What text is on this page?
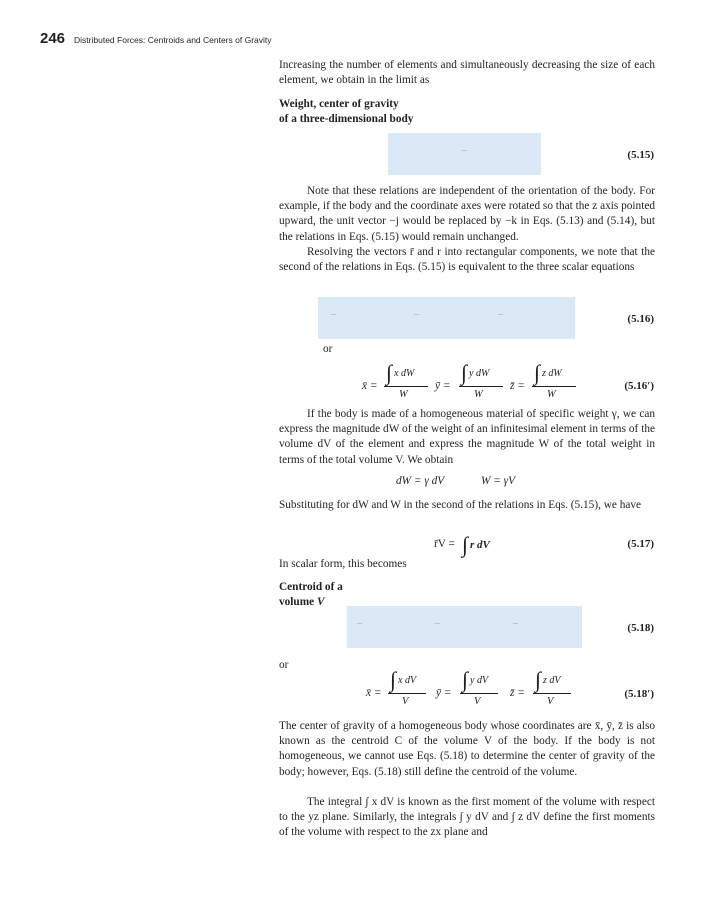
246 Distributed Forces: Centroids and Centers of Gravity

Increasing the number of elements and simultaneously decreasing the size of each element, we obtain in the limit as

Weight, center of gravity
of a three-dimensional body
–	(5.15)

Note that these relations are independent of the orientation of the body. For example, if the body and the coordinate axes were rotated so that the z axis pointed upward, the unit vector −j would be replaced by −k in Eqs. (5.13) and (5.14), but the relations in Eqs. (5.15) would remain unchanged.

Resolving the vectors r̄ and r into rectangular components, we note that the second of the relations in Eqs. (5.15) is equivalent to the three scalar equations

–	–	–	(5.16)
or
x̄ =
∫ x dW
W
ȳ =
∫ y dW
W
z̄ =
∫ z dW
W
(5.16′)

If the body is made of a homogeneous material of specific weight γ, we can express the magnitude dW of the weight of an infinitesimal element in terms of the volume dV of the element and express the magnitude W of the total weight in terms of the total volume V. We obtain

dW = γ dV	W = γV

Substituting for dW and W in the second of the relations in Eqs. (5.15), we have

r̄V = ∫ r dV	(5.17)

In scalar form, this becomes

Centroid of a
volume V
–	–	–	(5.18)
or
x̄ =
∫ x dV
V
ȳ =
∫ y dV
V
z̄ =
∫ z dV
V
(5.18′)

The center of gravity of a homogeneous body whose coordinates are x̄, ȳ, z̄ is also known as the centroid C of the volume V of the body. If the body is not homogeneous, we cannot use Eqs. (5.18) to determine the center of gravity of the body; however, Eqs. (5.18) still define the centroid of the volume.

The integral ∫ x dV is known as the first moment of the volume with respect to the yz plane. Similarly, the integrals ∫ y dV and ∫ z dV define the first moments of the volume with respect to the zx plane and
